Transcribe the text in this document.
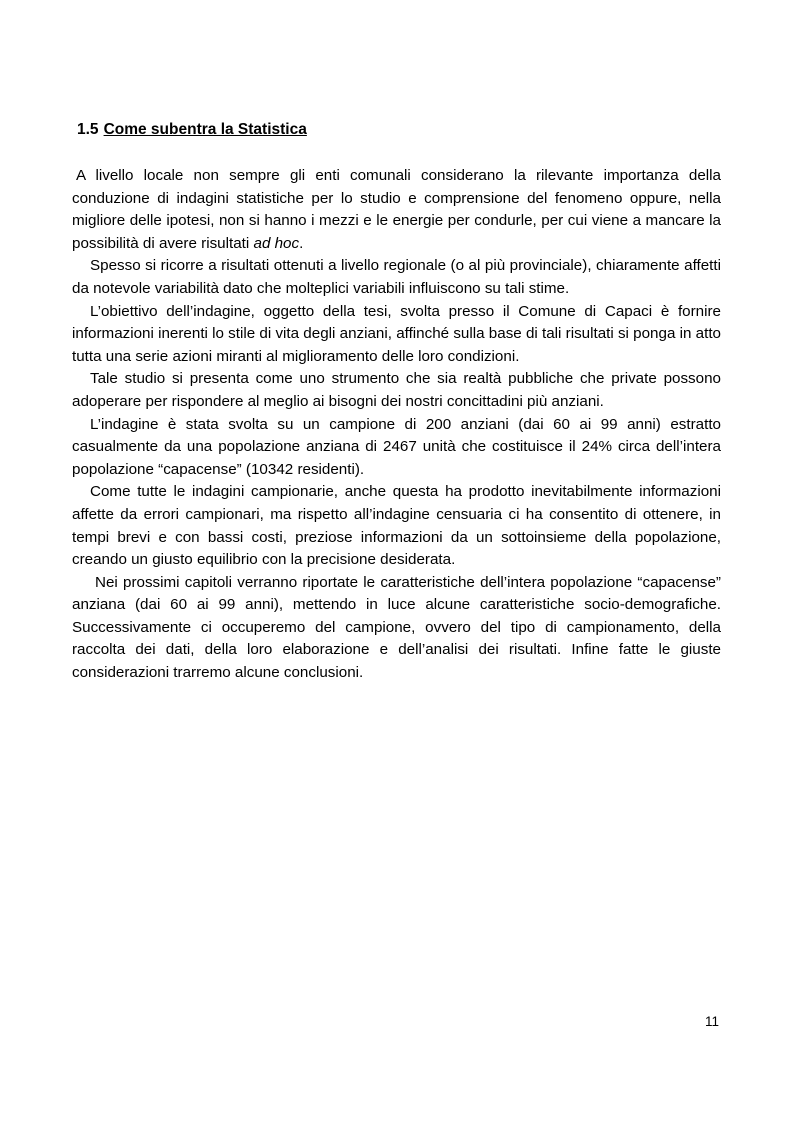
1.5 Come subentra la Statistica

A livello locale non sempre gli enti comunali considerano la rilevante importanza della conduzione di indagini statistiche per lo studio e comprensione del fenomeno oppure, nella migliore delle ipotesi, non si hanno i mezzi e le energie per condurle, per cui viene a mancare la possibilità di avere risultati ad hoc.

Spesso si ricorre a risultati ottenuti a livello regionale (o al più provinciale), chiaramente affetti da notevole variabilità dato che molteplici variabili influiscono su tali stime.

L’obiettivo dell’indagine, oggetto della tesi, svolta presso il Comune di Capaci è fornire informazioni inerenti lo stile di vita degli anziani, affinché sulla base di tali risultati si ponga in atto tutta una serie azioni miranti al miglioramento delle loro condizioni.

Tale studio si presenta come uno strumento che sia realtà pubbliche che private possono adoperare per rispondere al meglio ai bisogni dei nostri concittadini più anziani.

L’indagine è stata svolta su un campione di 200 anziani (dai 60 ai 99 anni) estratto casualmente da una popolazione anziana di 2467 unità che costituisce il 24% circa dell’intera popolazione “capacense” (10342 residenti).

Come tutte le indagini campionarie, anche questa ha prodotto inevitabilmente informazioni affette da errori campionari, ma rispetto all’indagine censuaria ci ha consentito di ottenere, in tempi brevi e con bassi costi, preziose informazioni da un sottoinsieme della popolazione, creando un giusto equilibrio con la precisione desiderata.

Nei prossimi capitoli verranno riportate le caratteristiche dell’intera popolazione “capacense” anziana (dai 60 ai 99 anni), mettendo in luce alcune caratteristiche socio-demografiche. Successivamente ci occuperemo del campione, ovvero del tipo di campionamento, della raccolta dei dati, della loro elaborazione e dell’analisi dei risultati. Infine fatte le giuste considerazioni trarremo alcune conclusioni.

11
